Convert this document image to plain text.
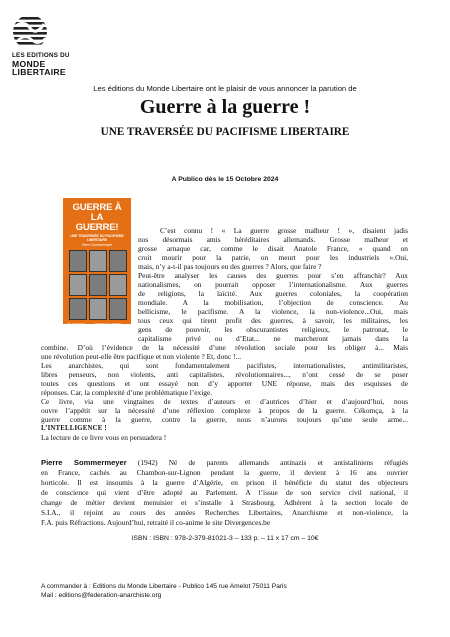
LES EDITIONS DU
MONDE LIBERTAIRE
Les éditions du Monde Libertaire ont le plaisir de vous annoncer la parution de
Guerre à la guerre !
UNE TRAVERSÉE DU PACIFISME LIBERTAIRE
A Publico dès le 15 Octobre 2024
GUERRE À LA
GUERRE!
UNE TRAVERSÉE DU PACIFISME LIBERTAIRE
Pierre Sommermeyer
SÉLECTION DU LIVRE MORT
ÉDITIONS DU MONDE LIBERTAIRE
C’est connu ! « La guerre grosse malheur ! », disaient jadis
nos désormais amis héréditaires allemands. Grosse malheur et
grosse arnaque car, comme le disait Anatole France, « quand on
croit mourir pour la patrie, on meurt pour les industriels ».Oui,
mais, n’y a-t-il pas toujours eu des guerres ? Alors, que faire ?
Peut-être analyser les causes des guerres pour s’en affranchir? Aux
nationalismes, on pourrait opposer l’internationalisme. Aux guerres
de religions, la laïcité. Aux guerres coloniales, la coopération
mondiale. A la mobilisation, l’objection de conscience. Au
bellicisme, le pacifisme. A la violence, la non-violence...Oui, mais
tous ceux qui tirent profit des guerres, à savoir, les militaires, les
gens de pouvoir, les obscurantistes religieux, le patronat, le
capitalisme privé ou d’Etat... ne marcheront jamais dans la
combine. D’où l’évidence de la nécessité d’une révolution sociale pour les obliger à... Mais
une révolution peut-elle être pacifique et non violente ? Et, donc !...
Les anarchistes, qui sont fondamentalement pacifistes, internationalistes, antimilitaristes,
libres penseurs, non violents, anti capitalistes, révolutionnaires..., n’ont cessé de se poser
toutes ces questions et ont essayé non d’y apporter UNE réponse, mais des esquisses de
réponses. Car, la complexité d’une problématique l’exige.
Ce livre, via une vingtaines de textes d’auteurs et d’autrices d’hier et d’aujourd’hui, nous
ouvre l’appétit sur la nécessité d’une réflexion complexe à propos de la guerre. Cékomça, à la
guerre comme à la guerre, contre la guerre, nous n’aurons toujours qu’une seule arme...
L’INTELLIGENCE !
La lecture de ce livre vous en persuadera !
Pierre Sommermeyer (1942) Né de parents allemands antinazis et antistaliniens réfugiés
en France, cachés au Chambon-sur-Lignon pendant la guerre, il devient à 16 ans ouvrier
horticole. Il est insoumis à la guerre d’Algérie, en prison il bénéficie du statut des objecteurs
de conscience qui vient d’être adopté au Parlement. A l’issue de son service civil national, il
change de métier devient menuisier et s’installe à Strasbourg. Adhérent à la section locale de
S.I.A., il rejoint au cours des années Recherches Libertaires, Anarchisme et non-violence, la
F.A. puis Réfractions. Aujourd’hui, retraité il co-anime le site Divergences.be
ISBN : ISBN : 978-2-379-81021-3 – 133 p. – 11 x 17 cm – 10€
A commander à : Editions du Monde Libertaire - Publico 145 rue Amelot 75011 Paris
Mail : editions@federation-anarchiste.org
